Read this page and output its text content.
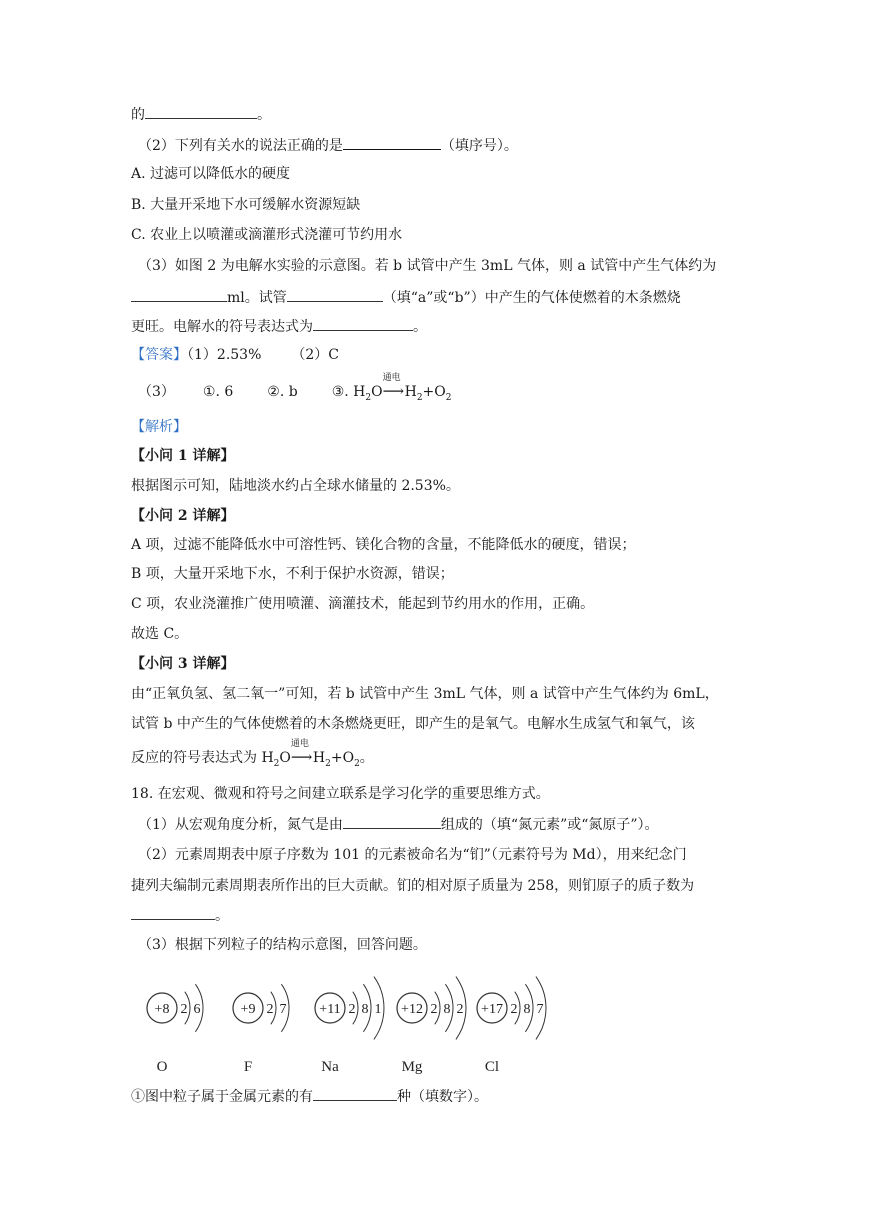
的	。
（2）下列有关水的说法正确的是	（填序号）。
A. 过滤可以降低水的硬度
B. 大量开采地下水可缓解水资源短缺
C. 农业上以喷灌或滴灌形式浇灌可节约用水
（3）如图 2 为电解水实验的示意图。若 b 试管中产生 3mL 气体，则 a 试管中产生气体约为
ml。试管	（填“a”或“b”）中产生的气体使燃着的木条燃烧
更旺。电解水的符号表达式为	。
【答案】（1）2.53% （2）C
（3） ①. 6 ②. b ③. $H_2O$
通电
⟶ $H_2+O_2$
【解析】
【小问 1 详解】
根据图示可知，陆地淡水约占全球水储量的 2.53%。
【小问 2 详解】
A 项，过滤不能降低水中可溶性钙、镁化合物的含量，不能降低水的硬度，错误；
B 项，大量开采地下水，不利于保护水资源，错误；
C 项，农业浇灌推广使用喷灌、滴灌技术，能起到节约用水的作用，正确。
故选 C。
【小问 3 详解】
由“正氧负氢、氢二氧一”可知，若 b 试管中产生 3mL 气体，则 a 试管中产生气体约为 6mL，
试管 b 中产生的气体使燃着的木条燃烧更旺，即产生的是氧气。电解水生成氢气和氧气，该
反应的符号表达式为 $H_2O$
通电
⟶ $H_2+O_2$。
18. 在宏观、微观和符号之间建立联系是学习化学的重要思维方式。
（1）从宏观角度分析，氮气是由	组成的（填“氮元素”或“氮原子”）。
（2）元素周期表中原子序数为 101 的元素被命名为“钔”（元素符号为 Md），用来纪念门
捷列夫编制元素周期表所作出的巨大贡献。钔的相对原子质量为 258，则钔原子的质子数为
。
（3）根据下列粒子的结构示意图，回答问题。
+8 2 6
O
+9 2 7
F
+11 2 8 1
Na
+12 2 8 2
Mg
+17 2 8 7
Cl
①图中粒子属于金属元素的有	种（填数字）。
